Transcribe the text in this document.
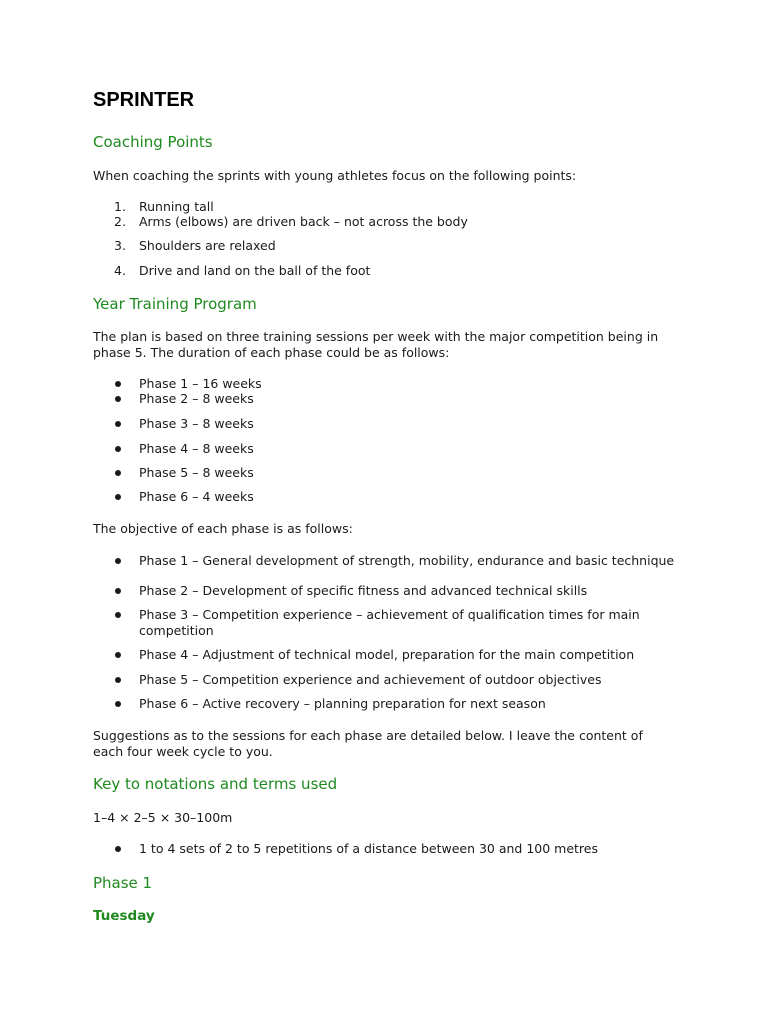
SPRINTER
Coaching Points

When coaching the sprints with young athletes focus on the following points:

1.	Running tall

2.	Arms (elbows) are driven back – not across the body

3.	Shoulders are relaxed

4.	Drive and land on the ball of the foot

Year Training Program

The plan is based on three training sessions per week with the major competition being in phase 5. The duration of each phase could be as follows:

Phase 1 – 16 weeks

Phase 2 – 8 weeks

Phase 3 – 8 weeks

Phase 4 – 8 weeks

Phase 5 – 8 weeks

Phase 6 – 4 weeks

The objective of each phase is as follows:

Phase 1 – General development of strength, mobility, endurance and basic technique

Phase 2 – Development of specific fitness and advanced technical skills

Phase 3 – Competition experience – achievement of qualification times for main competition

Phase 4 – Adjustment of technical model, preparation for the main competition

Phase 5 – Competition experience and achievement of outdoor objectives

Phase 6 – Active recovery – planning preparation for next season

Suggestions as to the sessions for each phase are detailed below. I leave the content of each four week cycle to you.

Key to notations and terms used

1–4 × 2–5 × 30–100m

1 to 4 sets of 2 to 5 repetitions of a distance between 30 and 100 metres

Phase 1
Tuesday
